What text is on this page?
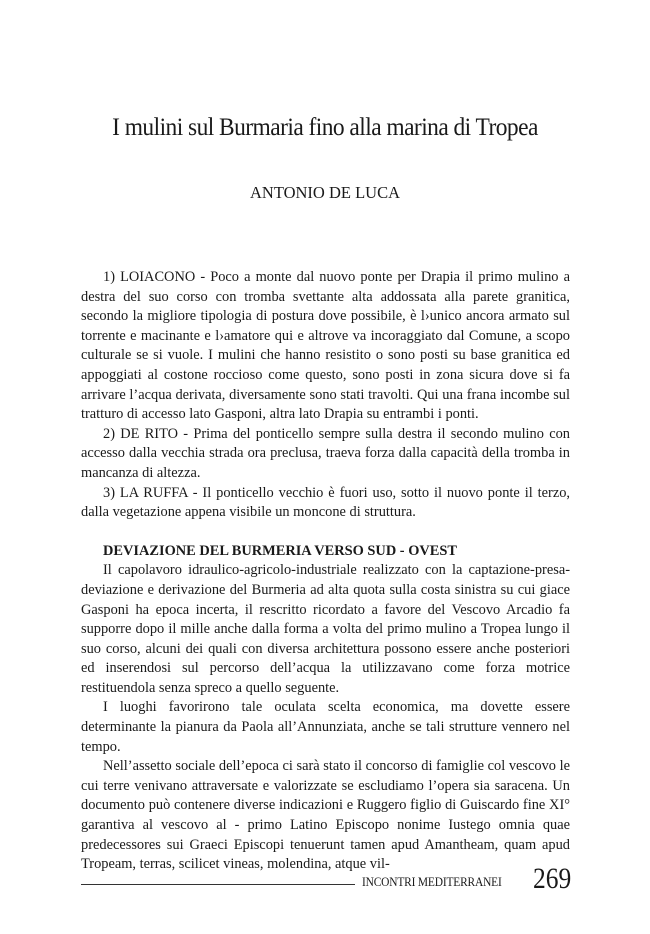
I mulini sul Burmaria fino alla marina di Tropea

ANTONIO DE LUCA

1) LOIACONO - Poco a monte dal nuovo ponte per Drapia il primo mulino a destra del suo corso con tromba svettante alta addossata alla parete granitica, secondo la migliore tipologia di postura dove possibile, è l›unico ancora armato sul torrente e macinante e l›amatore qui e altrove va incoraggiato dal Comune, a scopo culturale se si vuole. I mulini che hanno resistito o sono posti su base granitica ed appoggiati al costone roccioso come questo, sono posti in zona sicura dove si fa arrivare l’acqua derivata, diversamente sono stati travolti. Qui una frana incombe sul tratturo di accesso lato Gasponi, altra lato Drapia su entrambi i ponti.

2) DE RITO - Prima del ponticello sempre sulla destra il secondo mulino con accesso dalla vecchia strada ora preclusa, traeva forza dalla capacità della tromba in mancanza di altezza.

3) LA RUFFA - Il ponticello vecchio è fuori uso, sotto il nuovo ponte il terzo, dalla vegetazione appena visibile un moncone di struttura.

DEVIAZIONE DEL BURMERIA VERSO SUD - OVEST

Il capolavoro idraulico-agricolo-industriale realizzato con la captazione-presa-deviazione e derivazione del Burmeria ad alta quota sulla costa sinistra su cui giace Gasponi ha epoca incerta, il rescritto ricordato a favore del Vescovo Arcadio fa supporre dopo il mille anche dalla forma a volta del primo mulino a Tropea lungo il suo corso, alcuni dei quali con diversa architettura possono essere anche posteriori ed inserendosi sul percorso dell’acqua la utilizzavano come forza motrice restituendola senza spreco a quello seguente.

I luoghi favorirono tale oculata scelta economica, ma dovette essere determinante la pianura da Paola all’Annunziata, anche se tali strutture vennero nel tempo.

Nell’assetto sociale dell’epoca ci sarà stato il concorso di famiglie col vescovo le cui terre venivano attraversate e valorizzate se escludiamo l’opera sia saracena. Un documento può contenere diverse indicazioni e Ruggero figlio di Guiscardo fine XI° garantiva al vescovo al - primo Latino Episcopo nonime Iustego omnia quae predecessores sui Graeci Episcopi tenuerunt tamen apud Amantheam, quam apud Tropeam, terras, scilicet vineas, molendina, atque vil-

INCONTRI MEDITERRANEI 269
